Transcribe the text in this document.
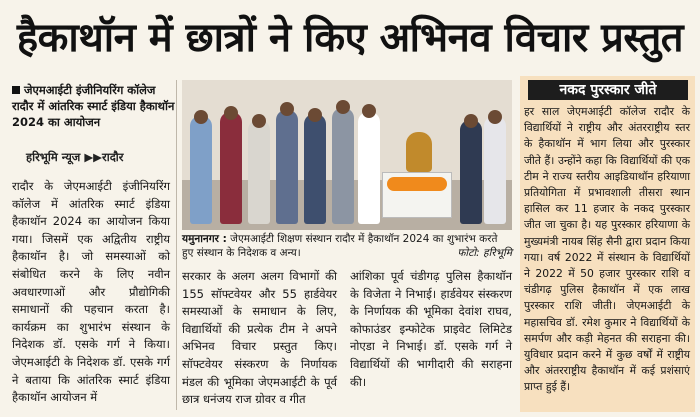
हैकाथॉन में छात्रों ने किए अभिनव विचार प्रस्तुत
जेएमआईटी इंजीनियरिंग कॉलेज रादौर में आंतरिक स्मार्ट इंडिया हैकाथॉन 2024 का आयोजन
हरिभूमि न्यूज ▶▶रादौर
रादौर के जेएमआईटी इंजीनियरिंग कॉलेज में आंतरिक स्मार्ट इंडिया हैकाथॉन 2024 का आयोजन किया गया। जिसमें एक अद्वितीय राष्ट्रीय हैकाथॉन है। जो समस्याओं को संबोधित करने के लिए नवीन अवधारणाओं और प्रौद्योगिकी समाधानों की पहचान करता है। कार्यक्रम का शुभारंभ संस्थान के निदेशक डॉ. एसके गर्ग ने किया। जेएमआईटी के निदेशक डॉ. एसके गर्ग ने बताया कि आंतरिक स्मार्ट इंडिया हैकाथॉन आयोजन में
यमुनानगर : जेएमआईटी शिक्षण संस्थान रादौर में हैकाथॉन 2024 का शुभारंभ करते हुए संस्थान के निदेशक व अन्य।	फोटो: हरिभूमि
सरकार के अलग अलग विभागों की 155 सॉफ्टवेयर और 55 हार्डवेयर समस्याओं के समाधान के लिए, विद्यार्थियों की प्रत्येक टीम ने अपने अभिनव विचार प्रस्तुत किए। सॉफ्टवेयर संस्करण के निर्णायक मंडल की भूमिका जेएमआईटी के पूर्व छात्र धनंजय राज ग्रोवर व गीत
आंशिका पूर्व चंडीगढ़ पुलिस हैकाथॉन के विजेता ने निभाई। हार्डवेयर संस्करण के निर्णायक की भूमिका देवांश राघव, कोफाउंडर इन्फोटेक प्राइवेट लिमिटेड नोएडा ने निभाई। डॉ. एसके गर्ग ने विद्यार्थियों की भागीदारी की सराहना की।
नकद पुरस्कार जीते
हर साल जेएमआईटी कॉलेज रादौर के विद्यार्थियों ने राष्ट्रीय और अंतरराष्ट्रीय स्तर के हैकाथॉन में भाग लिया और पुरस्कार जीते हैं। उन्होंने कहा कि विद्यार्थियों की एक टीम ने राज्य स्तरीय आइडियाथॉन हरियाणा प्रतियोगिता में प्रभावशाली तीसरा स्थान हासिल कर 11 हजार के नकद पुरस्कार जीत जा चुका है। यह पुरस्कार हरियाणा के मुख्यमंत्री नायब सिंह सैनी द्वारा प्रदान किया गया। वर्ष 2022 में संस्थान के विद्यार्थियों ने 2022 में 50 हजार पुरस्कार राशि व चंडीगढ़ पुलिस हैकाथॉन में एक लाख पुरस्कार राशि जीती। जेएमआईटी के महासचिव डॉ. रमेश कुमार ने विद्यार्थियों के समर्पण और कड़ी मेहनत की सराहना की। युविधार प्रदान करने में कुछ वर्षों में राष्ट्रीय और अंतरराष्ट्रीय हैकाथॉन में कई प्रशंसाएं प्राप्त हुई हैं।
